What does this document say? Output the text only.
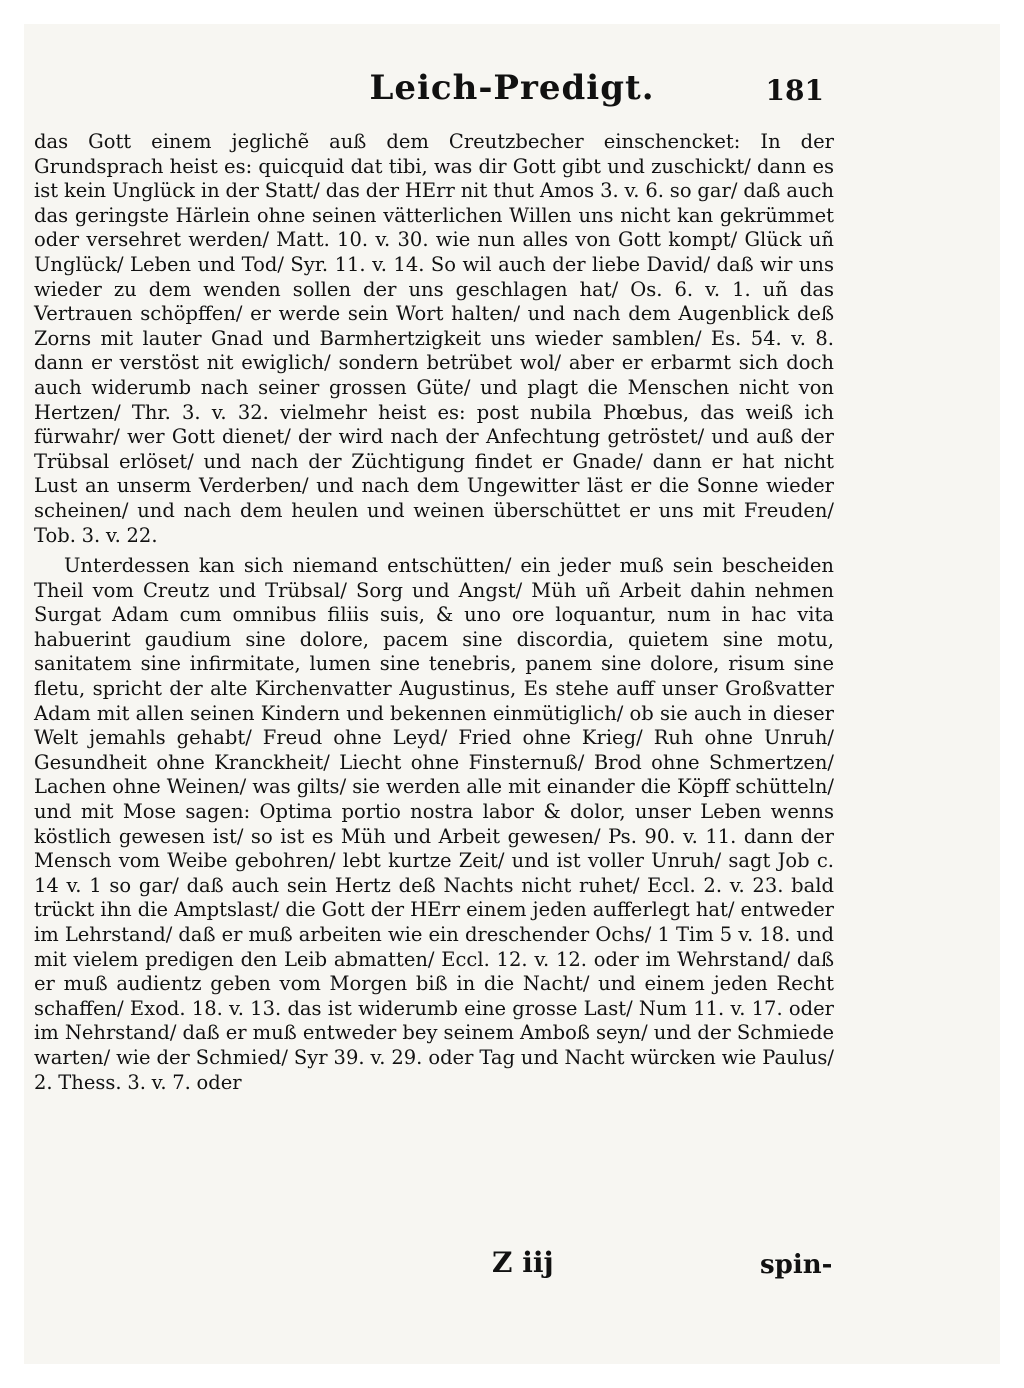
Leich-Predigt.	181

das Gott einem jeglichẽ auß dem Creutzbecher einschencket: In der Grundsprach heist es: quicquid dat tibi, was dir Gott gibt und zuschickt/ dann es ist kein Unglück in der Statt/ das der HErr nit thut Amos 3. v. 6. so gar/ daß auch das geringste Härlein ohne seinen vätterlichen Willen uns nicht kan gekrümmet oder versehret werden/ Matt. 10. v. 30. wie nun alles von Gott kompt/ Glück uñ Unglück/ Leben und Tod/ Syr. 11. v. 14. So wil auch der liebe David/ daß wir uns wieder zu dem wenden sollen der uns geschlagen hat/ Os. 6. v. 1. uñ das Vertrauen schöpffen/ er werde sein Wort halten/ und nach dem Augenblick deß Zorns mit lauter Gnad und Barmhertzigkeit uns wieder samblen/ Es. 54. v. 8. dann er verstöst nit ewiglich/ sondern betrübet wol/ aber er erbarmt sich doch auch widerumb nach seiner grossen Güte/ und plagt die Menschen nicht von Hertzen/ Thr. 3. v. 32. vielmehr heist es: post nubila Phœbus, das weiß ich fürwahr/ wer Gott dienet/ der wird nach der Anfechtung getröstet/ und auß der Trübsal erlöset/ und nach der Züchtigung findet er Gnade/ dann er hat nicht Lust an unserm Verderben/ und nach dem Ungewitter läst er die Sonne wieder scheinen/ und nach dem heulen und weinen überschüttet er uns mit Freuden/ Tob. 3. v. 22.

Unterdessen kan sich niemand entschütten/ ein jeder muß sein bescheiden Theil vom Creutz und Trübsal/ Sorg und Angst/ Müh uñ Arbeit dahin nehmen Surgat Adam cum omnibus filiis suis, & uno ore loquantur, num in hac vita habuerint gaudium sine dolore, pacem sine discordia, quietem sine motu, sanitatem sine infirmitate, lumen sine tenebris, panem sine dolore, risum sine fletu, spricht der alte Kirchenvatter Augustinus, Es stehe auff unser Großvatter Adam mit allen seinen Kindern und bekennen einmütiglich/ ob sie auch in dieser Welt jemahls gehabt/ Freud ohne Leyd/ Fried ohne Krieg/ Ruh ohne Unruh/ Gesundheit ohne Kranckheit/ Liecht ohne Finsternuß/ Brod ohne Schmertzen/ Lachen ohne Weinen/ was gilts/ sie werden alle mit einander die Köpff schütteln/ und mit Mose sagen: Optima portio nostra labor & dolor, unser Leben wenns köstlich gewesen ist/ so ist es Müh und Arbeit gewesen/ Ps. 90. v. 11. dann der Mensch vom Weibe gebohren/ lebt kurtze Zeit/ und ist voller Unruh/ sagt Job c. 14 v. 1 so gar/ daß auch sein Hertz deß Nachts nicht ruhet/ Eccl. 2. v. 23. bald trückt ihn die Amptslast/ die Gott der HErr einem jeden aufferlegt hat/ entweder im Lehrstand/ daß er muß arbeiten wie ein dreschender Ochs/ 1 Tim 5 v. 18. und mit vielem predigen den Leib abmatten/ Eccl. 12. v. 12. oder im Wehrstand/ daß er muß audientz geben vom Morgen biß in die Nacht/ und einem jeden Recht schaffen/ Exod. 18. v. 13. das ist widerumb eine grosse Last/ Num 11. v. 17. oder im Nehrstand/ daß er muß entweder bey seinem Amboß seyn/ und der Schmiede warten/ wie der Schmied/ Syr 39. v. 29. oder Tag und Nacht würcken wie Paulus/ 2. Thess. 3. v. 7. oder

Z iij	spin-
